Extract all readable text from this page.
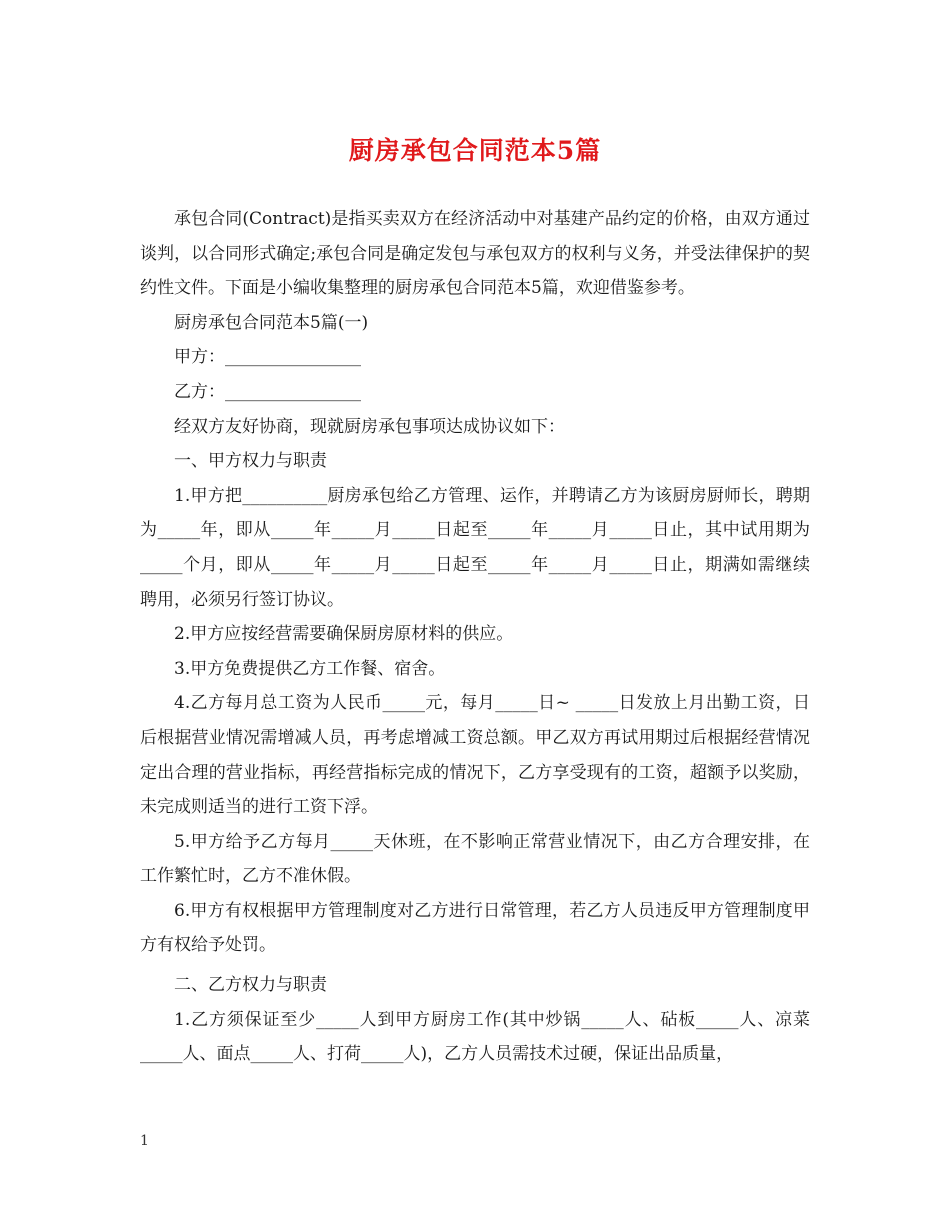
厨房承包合同范本5篇

承包合同(Contract)是指买卖双方在经济活动中对基建产品约定的价格，由双方通过谈判，以合同形式确定;承包合同是确定发包与承包双方的权利与义务，并受法律保护的契约性文件。下面是小编收集整理的厨房承包合同范本5篇，欢迎借鉴参考。

厨房承包合同范本5篇(一)

甲方：________________

乙方：________________

经双方友好协商，现就厨房承包事项达成协议如下：

一、甲方权力与职责

1.甲方把__________厨房承包给乙方管理、运作，并聘请乙方为该厨房厨师长，聘期为_____年，即从_____年_____月_____日起至_____年_____月_____日止，其中试用期为_____个月，即从_____年_____月_____日起至_____年_____月_____日止，期满如需继续聘用，必须另行签订协议。

2.甲方应按经营需要确保厨房原材料的供应。

3.甲方免费提供乙方工作餐、宿舍。

4.乙方每月总工资为人民币_____元，每月_____日~ _____日发放上月出勤工资，日后根据营业情况需增减人员，再考虑增减工资总额。甲乙双方再试用期过后根据经营情况定出合理的营业指标，再经营指标完成的情况下，乙方享受现有的工资，超额予以奖励，未完成则适当的进行工资下浮。

5.甲方给予乙方每月_____天休班，在不影响正常营业情况下，由乙方合理安排，在工作繁忙时，乙方不准休假。

6.甲方有权根据甲方管理制度对乙方进行日常管理，若乙方人员违反甲方管理制度甲方有权给予处罚。

二、乙方权力与职责

1.乙方须保证至少_____人到甲方厨房工作(其中炒锅_____人、砧板_____人、凉菜_____人、面点_____人、打荷_____人)，乙方人员需技术过硬，保证出品质量，

1
